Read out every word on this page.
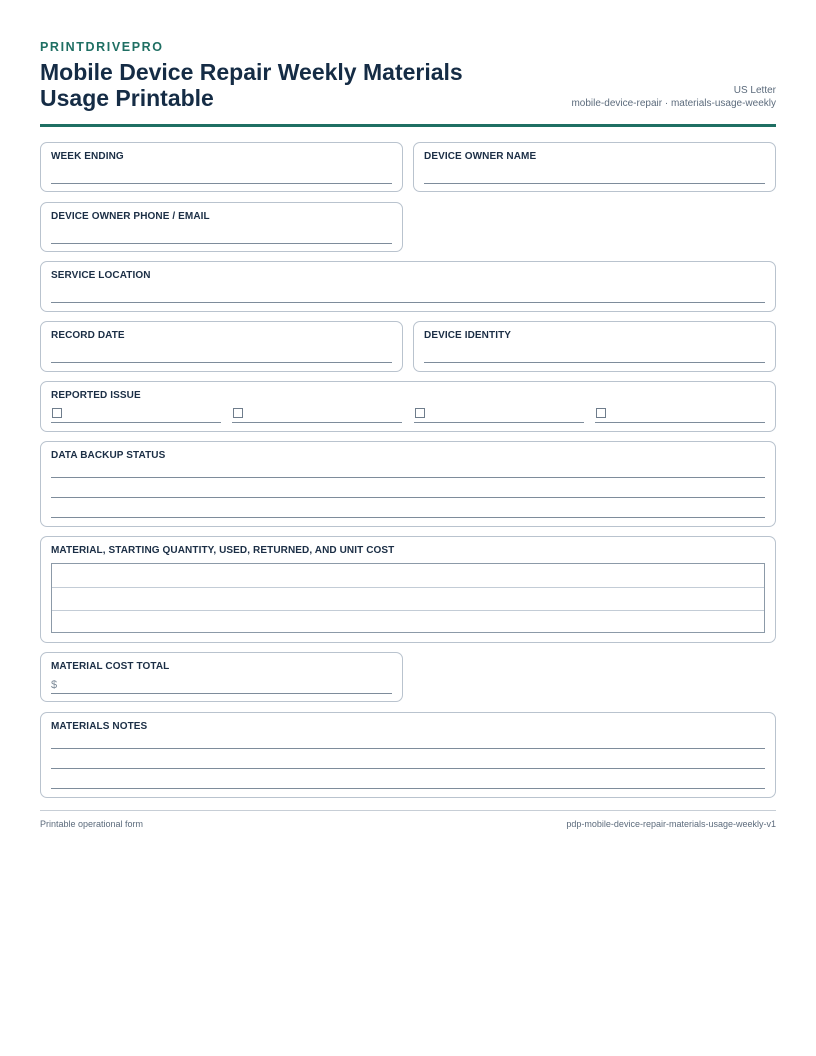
PRINTDRIVEPRO
Mobile Device Repair Weekly Materials Usage Printable	US Letter
mobile-device-repair · materials-usage-weekly
WEEK ENDING	DEVICE OWNER NAME
DEVICE OWNER PHONE / EMAIL
SERVICE LOCATION
RECORD DATE	DEVICE IDENTITY
REPORTED ISSUE
DATA BACKUP STATUS
MATERIAL, STARTING QUANTITY, USED, RETURNED, AND UNIT COST
MATERIAL COST TOTAL
$
MATERIALS NOTES
Printable operational form	pdp-mobile-device-repair-materials-usage-weekly-v1
